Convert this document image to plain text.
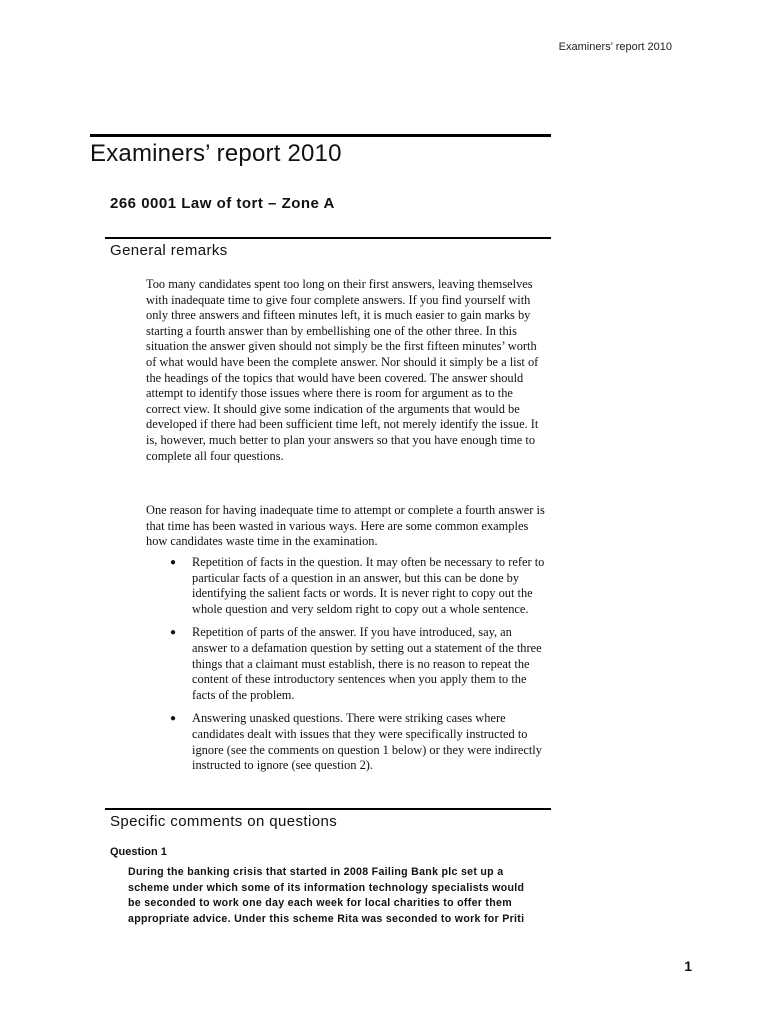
Examiners’ report 2010
Examiners’ report 2010
266 0001 Law of tort – Zone A
General remarks

Too many candidates spent too long on their first answers, leaving themselves with inadequate time to give four complete answers. If you find yourself with only three answers and fifteen minutes left, it is much easier to gain marks by starting a fourth answer than by embellishing one of the other three. In this situation the answer given should not simply be the first fifteen minutes’ worth of what would have been the complete answer. Nor should it simply be a list of the headings of the topics that would have been covered. The answer should attempt to identify those issues where there is room for argument as to the correct view. It should give some indication of the arguments that would be developed if there had been sufficient time left, not merely identify the issue. It is, however, much better to plan your answers so that you have enough time to complete all four questions.

One reason for having inadequate time to attempt or complete a fourth answer is that time has been wasted in various ways. Here are some common examples how candidates waste time in the examination.

● Repetition of facts in the question. It may often be necessary to refer to particular facts of a question in an answer, but this can be done by identifying the salient facts or words. It is never right to copy out the whole question and very seldom right to copy out a whole sentence.
● Repetition of parts of the answer. If you have introduced, say, an answer to a defamation question by setting out a statement of the three things that a claimant must establish, there is no reason to repeat the content of these introductory sentences when you apply them to the facts of the problem.
● Answering unasked questions. There were striking cases where candidates dealt with issues that they were specifically instructed to ignore (see the comments on question 1 below) or they were indirectly instructed to ignore (see question 2).
Specific comments on questions
Question 1

During the banking crisis that started in 2008 Failing Bank plc set up a scheme under which some of its information technology specialists would be seconded to work one day each week for local charities to offer them appropriate advice. Under this scheme Rita was seconded to work for Priti

1
